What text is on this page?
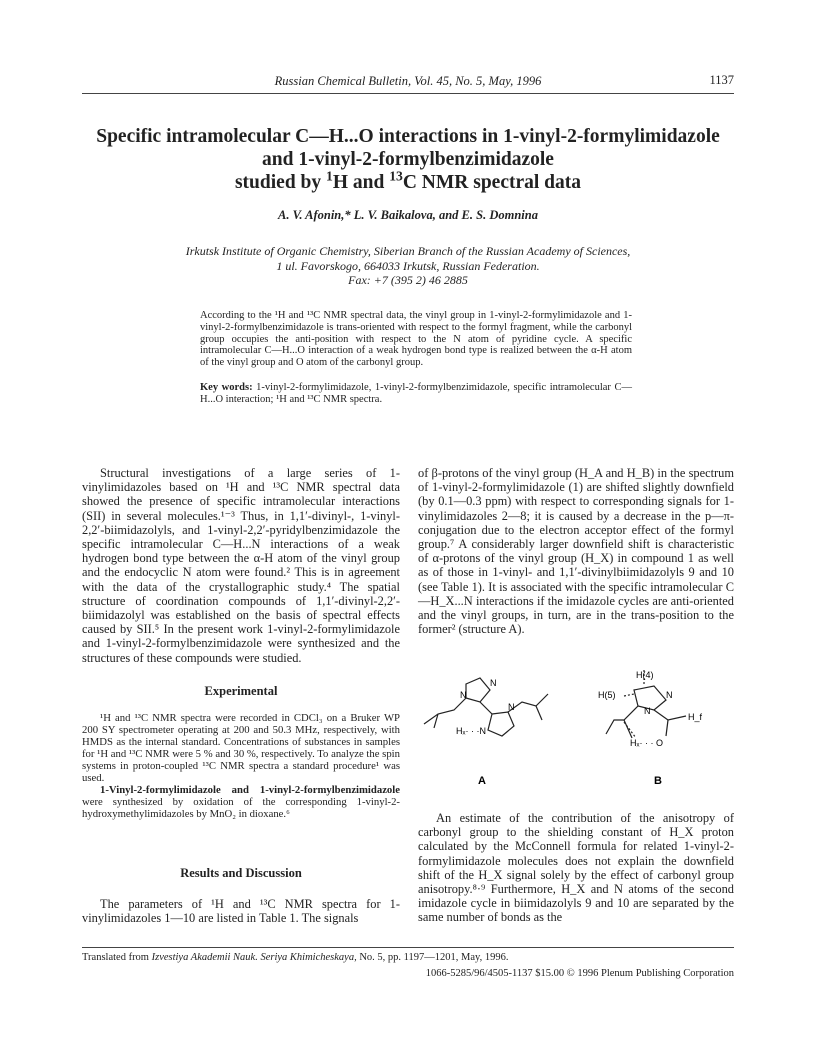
Russian Chemical Bulletin, Vol. 45, No. 5, May, 1996	1137
Specific intramolecular C—H...O interactions in 1-vinyl-2-formylimidazole
and 1-vinyl-2-formylbenzimidazole
studied by $^1$H and $^{13}$C NMR spectral data
A. V. Afonin,* L. V. Baikalova, and E. S. Domnina
Irkutsk Institute of Organic Chemistry, Siberian Branch of the Russian Academy of Sciences,
1 ul. Favorskogo, 664033 Irkutsk, Russian Federation.
Fax: +7 (395 2) 46 2885
According to the ¹H and ¹³C NMR spectral data, the vinyl group in 1-vinyl-2-formylimidazole and 1-vinyl-2-formylbenzimidazole is trans-oriented with respect to the formyl fragment, while the carbonyl group occupies the anti-position with respect to the N atom of pyridine cycle. A specific intramolecular C—H...O interaction of a weak hydrogen bond type is realized between the α-H atom of the vinyl group and O atom of the carbonyl group.
Key words: 1-vinyl-2-formylimidazole, 1-vinyl-2-formylbenzimidazole, specific intramolecular C—H...O interaction; ¹H and ¹³C NMR spectra.

Structural investigations of a large series of 1-vinylimidazoles based on ¹H and ¹³C NMR spectral data showed the presence of specific intramolecular interactions (SII) in several molecules.¹⁻³ Thus, in 1,1′-divinyl-, 1-vinyl-2,2′-biimidazolyls, and 1-vinyl-2,2′-pyridylbenzimidazole the specific intramolecular C—H...N interactions of a weak hydrogen bond type between the α-H atom of the vinyl group and the endocyclic N atom were found.² This is in agreement with the data of the crystallographic study.⁴ The spatial structure of coordination compounds of 1,1′-divinyl-2,2′-biimidazolyl was established on the basis of spectral effects caused by SII.⁵ In the present work 1-vinyl-2-formylimidazole and 1-vinyl-2-formylbenzimidazole were synthesized and the structures of these compounds were studied.

Experimental

¹H and ¹³C NMR spectra were recorded in CDCl₃ on a Bruker WP 200 SY spectrometer operating at 200 and 50.3 MHz, respectively, with HMDS as the internal standard. Concentrations of substances in samples for ¹H and ¹³C NMR were 5 % and 30 %, respectively. To analyze the spin systems in proton-coupled ¹³C NMR spectra a standard procedure¹ was used.

1-Vinyl-2-formylimidazole and 1-vinyl-2-formylbenzimidazole were synthesized by oxidation of the corresponding 1-vinyl-2-hydroxymethylimidazoles by MnO₂ in dioxane.⁶

Results and Discussion

The parameters of ¹H and ¹³C NMR spectra for 1-vinylimidazoles 1—10 are listed in Table 1. The signals

of β-protons of the vinyl group (H_A and H_B) in the spectrum of 1-vinyl-2-formylimidazole (1) are shifted slightly downfield (by 0.1—0.3 ppm) with respect to corresponding signals for 1-vinylimidazoles 2—8; it is caused by a decrease in the p—π-conjugation due to the electron acceptor effect of the formyl group.⁷ A considerably larger downfield shift is characteristic of α-protons of the vinyl group (H_X) in compound 1 as well as of those in 1-vinyl- and 1,1′-divinylbiimidazolyls 9 and 10 (see Table 1). It is associated with the specific intramolecular C—H_X...N interactions if the imidazole cycles are anti-oriented and the vinyl groups, in turn, are in the trans-position to the former² (structure A).

N
N
N
Hₓ· · ·N
H(4)
H(5)	N
N
H_f
Hₓ· · · O
A	B

An estimate of the contribution of the anisotropy of carbonyl group to the shielding constant of H_X proton calculated by the McConnell formula for related 1-vinyl-2-formylimidazole molecules does not explain the downfield shift of the H_X signal solely by the effect of carbonyl group anisotropy.⁸·⁹ Furthermore, H_X and N atoms of the second imidazole cycle in biimidazolyls 9 and 10 are separated by the same number of bonds as the

Translated from Izvestiya Akademii Nauk. Seriya Khimicheskaya, No. 5, pp. 1197—1201, May, 1996.
1066-5285/96/4505-1137 $15.00 © 1996 Plenum Publishing Corporation
